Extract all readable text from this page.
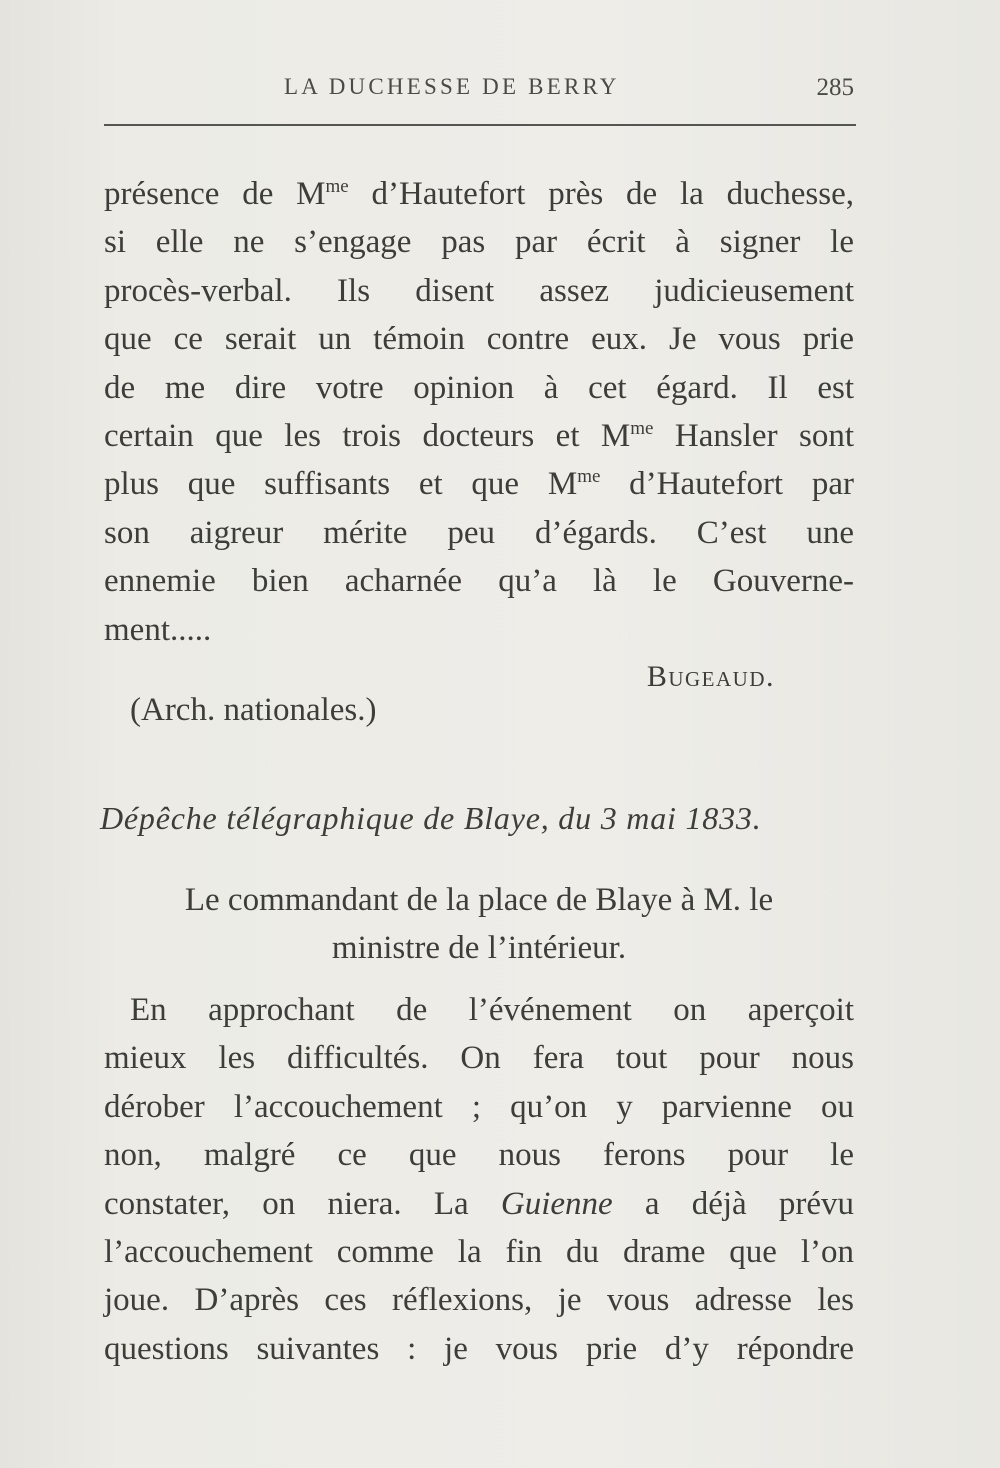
LA DUCHESSE DE BERRY	285
présence de $M^{me}$ d’Hautefort près de la duchesse,
si elle ne s’engage pas par écrit à signer le
procès-verbal. Ils disent assez judicieusement
que ce serait un témoin contre eux. Je vous prie
de me dire votre opinion à cet égard. Il est
certain que les trois docteurs et $M^{me}$ Hansler sont
plus que suffisants et que $M^{me}$ d’Hautefort par
son aigreur mérite peu d’égards. C’est une
ennemie bien acharnée qu’a là le Gouverne-
ment.....
Bugeaud.
(Arch. nationales.)
Dépêche télégraphique de Blaye, du 3 mai 1833.
Le commandant de la place de Blaye à M. le
ministre de l’intérieur.
En approchant de l’événement on aperçoit
mieux les difficultés. On fera tout pour nous
dérober l’accouchement ; qu’on y parvienne ou
non, malgré ce que nous ferons pour le
constater, on niera. La Guienne a déjà prévu
l’accouchement comme la fin du drame que l’on
joue. D’après ces réflexions, je vous adresse les
questions suivantes : je vous prie d’y répondre
